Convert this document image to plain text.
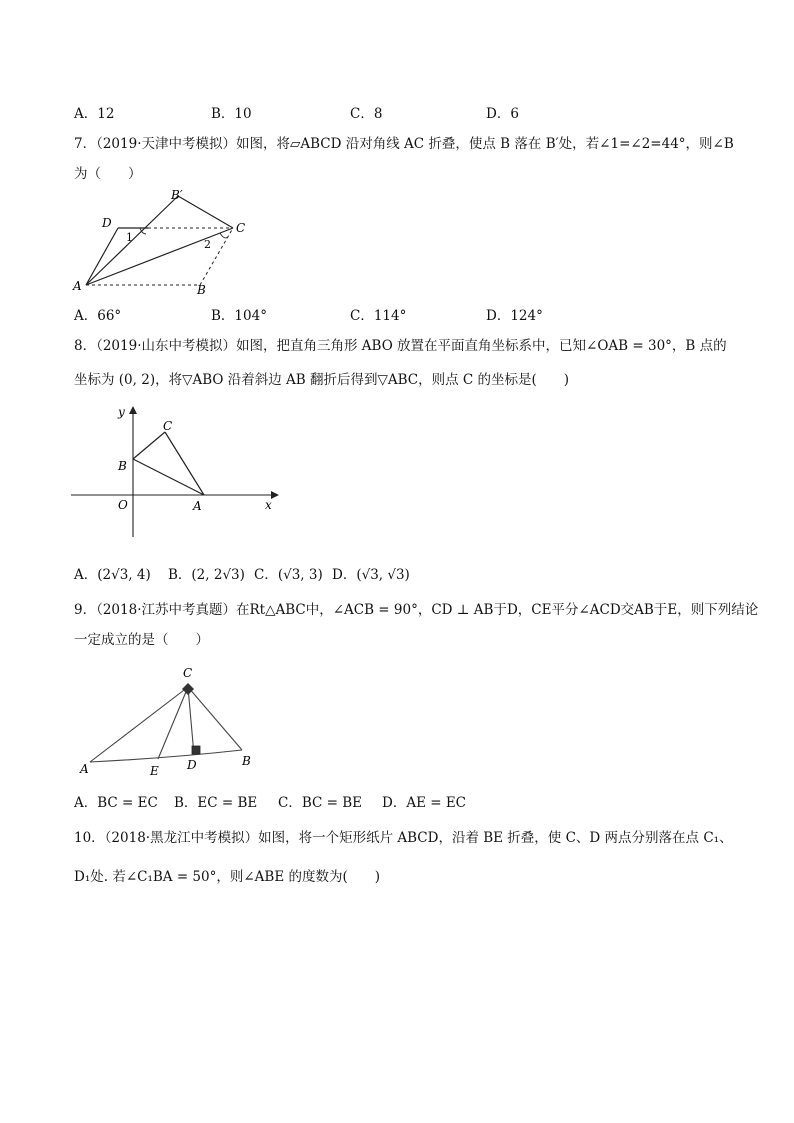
A．12	B．10	C．8	D．6
7．（2019·天津中考模拟）如图，将▱ABCD 沿对角线 AC 折叠，使点 B 落在 B′处，若∠1=∠2=44°，则∠B
为（　　）
B′
D	C
A	B
1
2
A．66°	B．104°	C．114°	D．124°
8．（2019·山东中考模拟）如图，把直角三角形 ABO 放置在平面直角坐标系中，已知∠OAB = 30°，B 点的
坐标为 (0, 2)，将▽ABO 沿着斜边 AB 翻折后得到▽ABC，则点 C 的坐标是(　　)
y
x
O	A
B
C
A．(2√3, 4)	B．(2, 2√3) C．(√3, 3) D．(√3, √3)
9．（2018·江苏中考真题）在Rt△ABC中，∠ACB = 90°，CD ⊥ AB于D，CE平分∠ACD交AB于E，则下列结论
一定成立的是（　　）
C
A	E D	B
A．BC = EC	B．EC = BE	C．BC = BE	D．AE = EC
10．（2018·黑龙江中考模拟）如图，将一个矩形纸片 ABCD，沿着 BE 折叠，使 C、D 两点分别落在点 C₁、
D₁处. 若∠C₁BA = 50°，则∠ABE 的度数为(　　)
